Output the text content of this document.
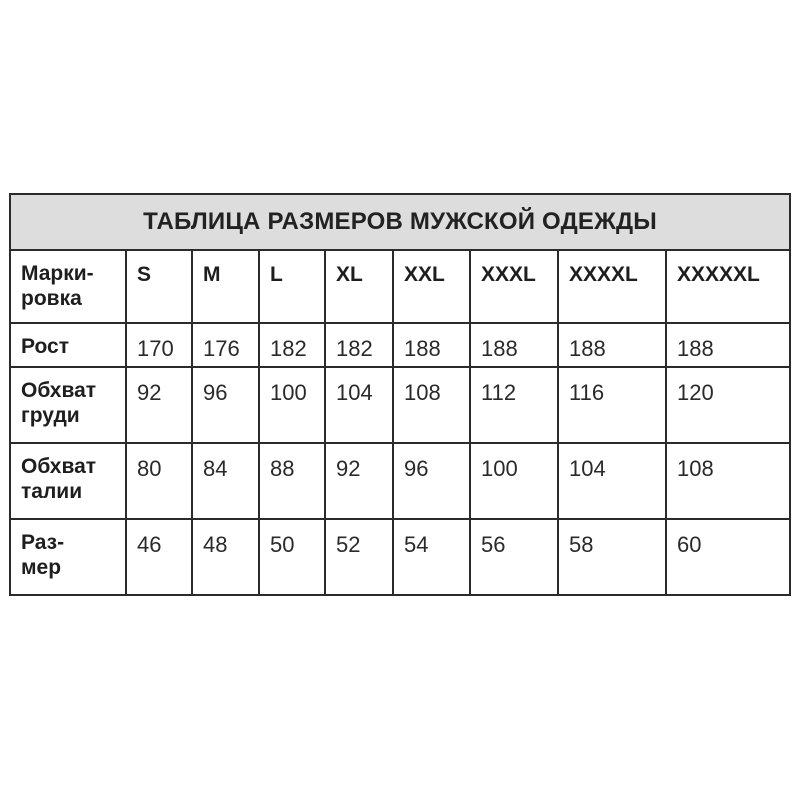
ТАБЛИЦА РАЗМЕРОВ МУЖСКОЙ ОДЕЖДЫ								

Марки-
ровка	S	M	L	XL	XXL	XXXL	XXXXL	XXXXXL

Рост	170	176	182	182	188	188	188	188

Обхват
груди	92	96	100	104	108	112	116	120

Обхват
талии	80	84	88	92	96	100	104	108

Раз-
мер	46	48	50	52	54	56	58	60
